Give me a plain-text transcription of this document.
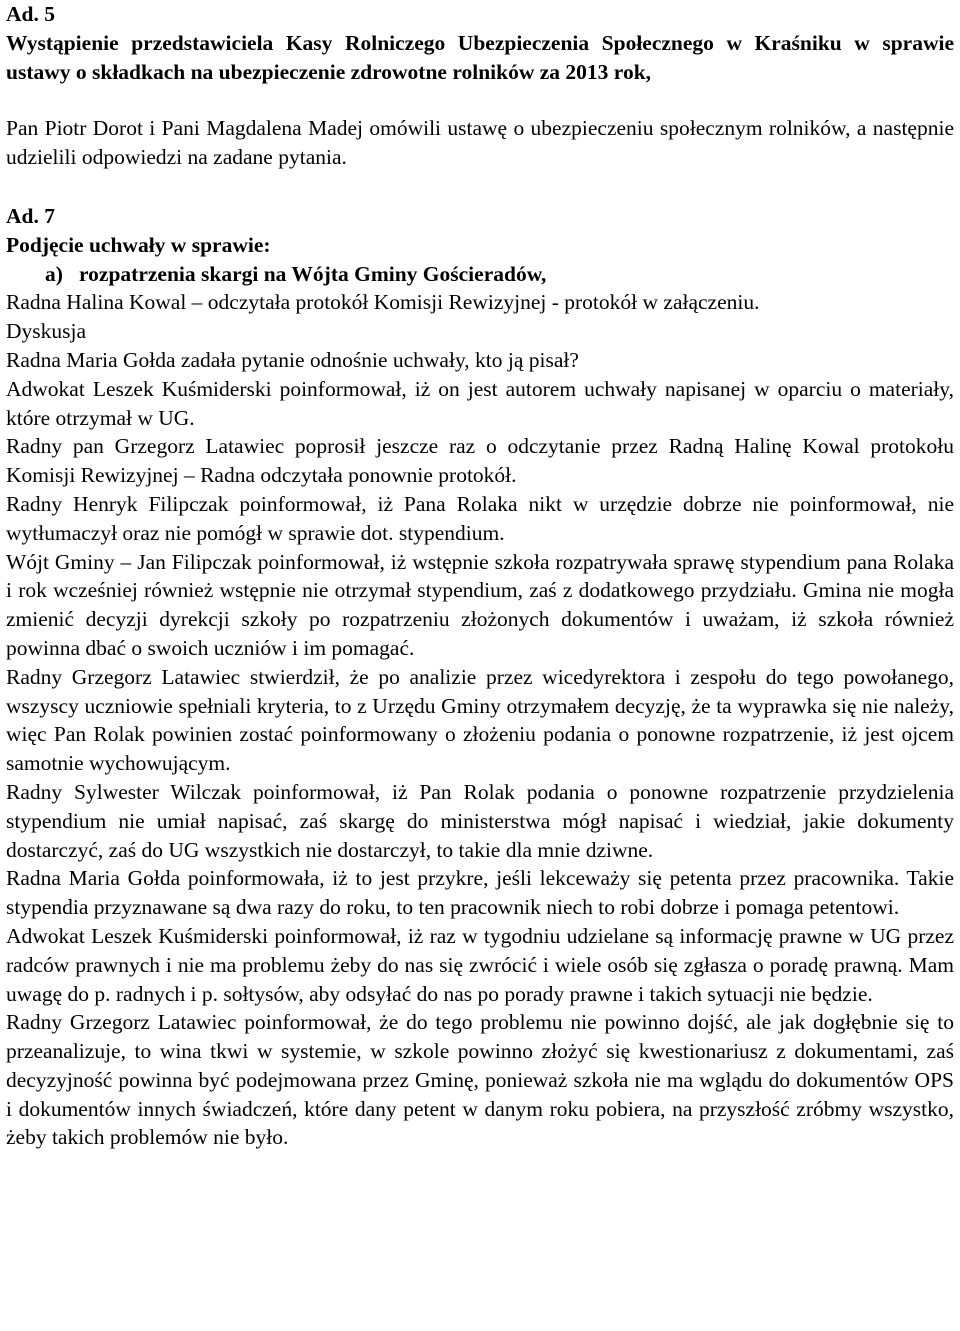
Ad. 5

Wystąpienie przedstawiciela Kasy Rolniczego Ubezpieczenia Społecznego w Kraśniku w sprawie ustawy o składkach na ubezpieczenie zdrowotne rolników za 2013 rok,

Pan Piotr Dorot i Pani Magdalena Madej omówili ustawę o ubezpieczeniu społecznym rolników, a następnie udzielili odpowiedzi na zadane pytania.

Ad. 7

Podjęcie uchwały w sprawie:

a) rozpatrzenia skargi na Wójta Gminy Gościeradów,

Radna Halina Kowal – odczytała protokół Komisji Rewizyjnej - protokół w załączeniu.

Dyskusja

Radna Maria Gołda zadała pytanie odnośnie uchwały, kto ją pisał?

Adwokat Leszek Kuśmiderski poinformował, iż on jest autorem uchwały napisanej w oparciu o materiały, które otrzymał w UG.

Radny pan Grzegorz Latawiec poprosił jeszcze raz o odczytanie przez Radną Halinę Kowal protokołu Komisji Rewizyjnej – Radna odczytała ponownie protokół.

Radny Henryk Filipczak poinformował, iż Pana Rolaka nikt w urzędzie dobrze nie poinformował, nie wytłumaczył oraz nie pomógł w sprawie dot. stypendium.

Wójt Gminy – Jan Filipczak poinformował, iż wstępnie szkoła rozpatrywała sprawę stypendium pana Rolaka i rok wcześniej również wstępnie nie otrzymał stypendium, zaś z dodatkowego przydziału. Gmina nie mogła zmienić decyzji dyrekcji szkoły po rozpatrzeniu złożonych dokumentów i uważam, iż szkoła również powinna dbać o swoich uczniów i im pomagać.

Radny Grzegorz Latawiec stwierdził, że po analizie przez wicedyrektora i zespołu do tego powołanego, wszyscy uczniowie spełniali kryteria, to z Urzędu Gminy otrzymałem decyzję, że ta wyprawka się nie należy, więc Pan Rolak powinien zostać poinformowany o złożeniu podania o ponowne rozpatrzenie, iż jest ojcem samotnie wychowującym.

Radny Sylwester Wilczak poinformował, iż Pan Rolak podania o ponowne rozpatrzenie przydzielenia stypendium nie umiał napisać, zaś skargę do ministerstwa mógł napisać i wiedział, jakie dokumenty dostarczyć, zaś do UG wszystkich nie dostarczył, to takie dla mnie dziwne.

Radna Maria Gołda poinformowała, iż to jest przykre, jeśli lekceważy się petenta przez pracownika. Takie stypendia przyznawane są dwa razy do roku, to ten pracownik niech to robi dobrze i pomaga petentowi.

Adwokat Leszek Kuśmiderski poinformował, iż raz w tygodniu udzielane są informację prawne w UG przez radców prawnych i nie ma problemu żeby do nas się zwrócić i wiele osób się zgłasza o poradę prawną. Mam uwagę do p. radnych i p. sołtysów, aby odsyłać do nas po porady prawne i takich sytuacji nie będzie.

Radny Grzegorz Latawiec poinformował, że do tego problemu nie powinno dojść, ale jak dogłębnie się to przeanalizuje, to wina tkwi w systemie, w szkole powinno złożyć się kwestionariusz z dokumentami, zaś decyzyjność powinna być podejmowana przez Gminę, ponieważ szkoła nie ma wglądu do dokumentów OPS i dokumentów innych świadczeń, które dany petent w danym roku pobiera, na przyszłość zróbmy wszystko, żeby takich problemów nie było.
